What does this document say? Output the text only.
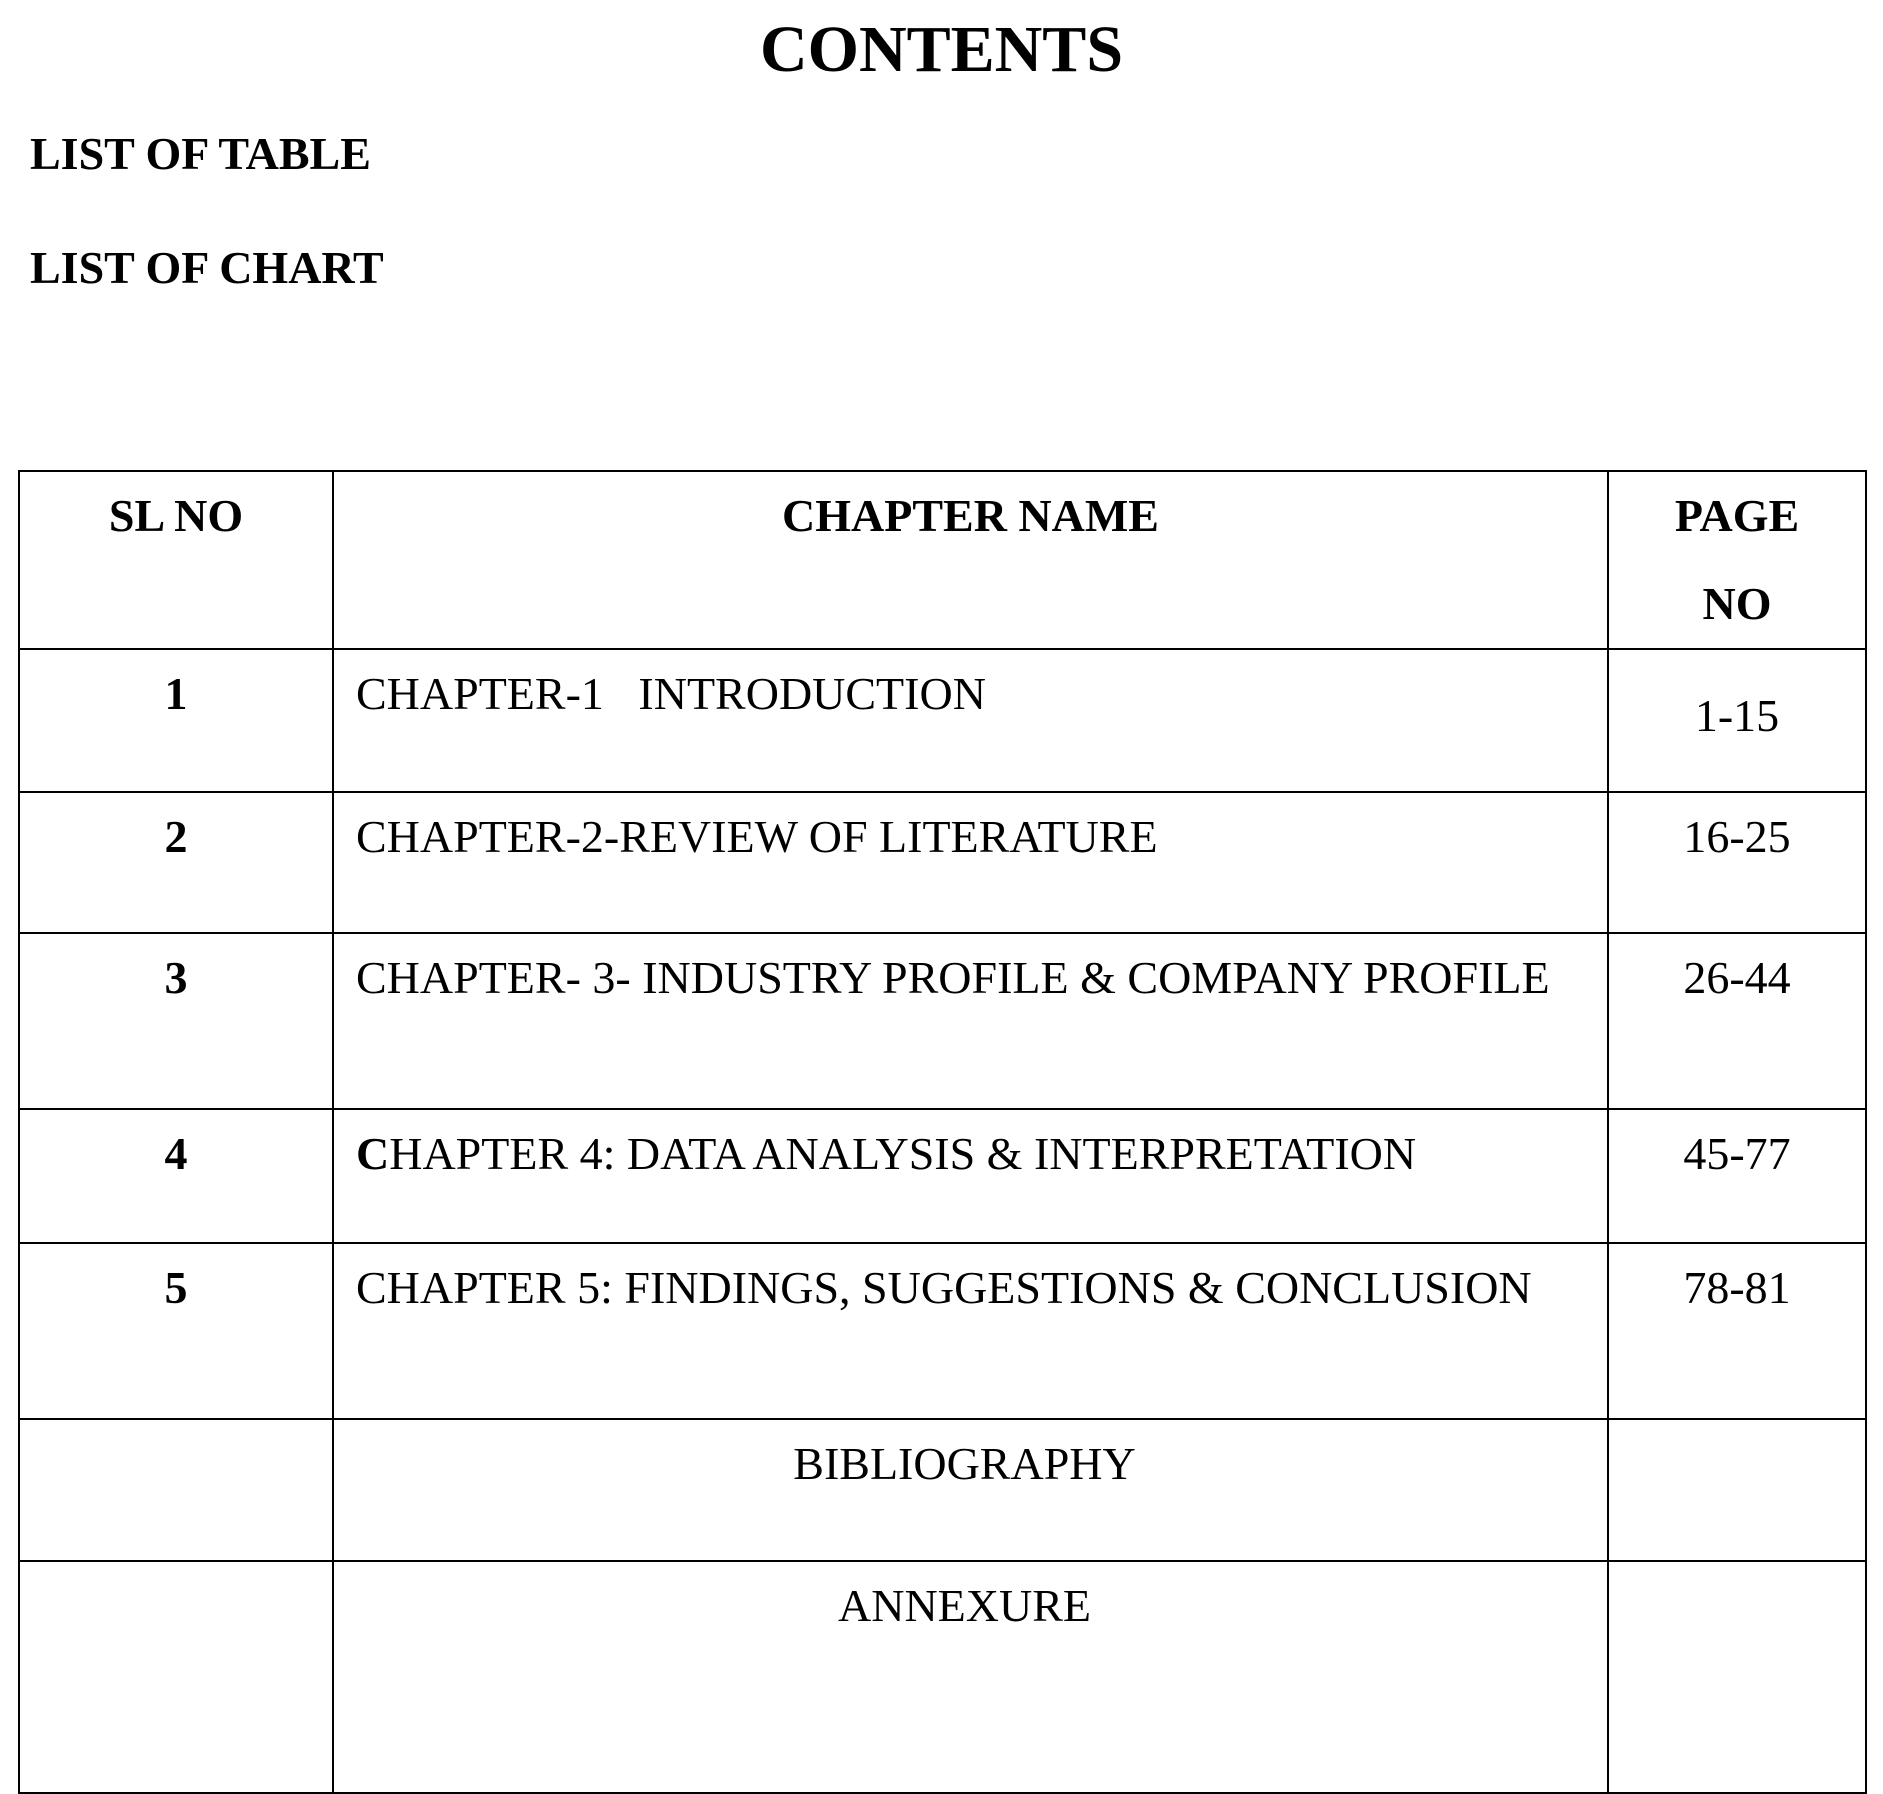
CONTENTS
LIST OF TABLE
LIST OF CHART
SL NO	CHAPTER NAME	PAGE
NO

1	CHAPTER-1   INTRODUCTION	1-15
2	CHAPTER-2-REVIEW OF LITERATURE	16-25
3	CHAPTER- 3- INDUSTRY PROFILE & COMPANY PROFILE	26-44
4	CHAPTER 4: DATA ANALYSIS & INTERPRETATION	45-77
5	CHAPTER 5: FINDINGS, SUGGESTIONS & CONCLUSION	78-81
	BIBLIOGRAPHY	
	ANNEXURE	
